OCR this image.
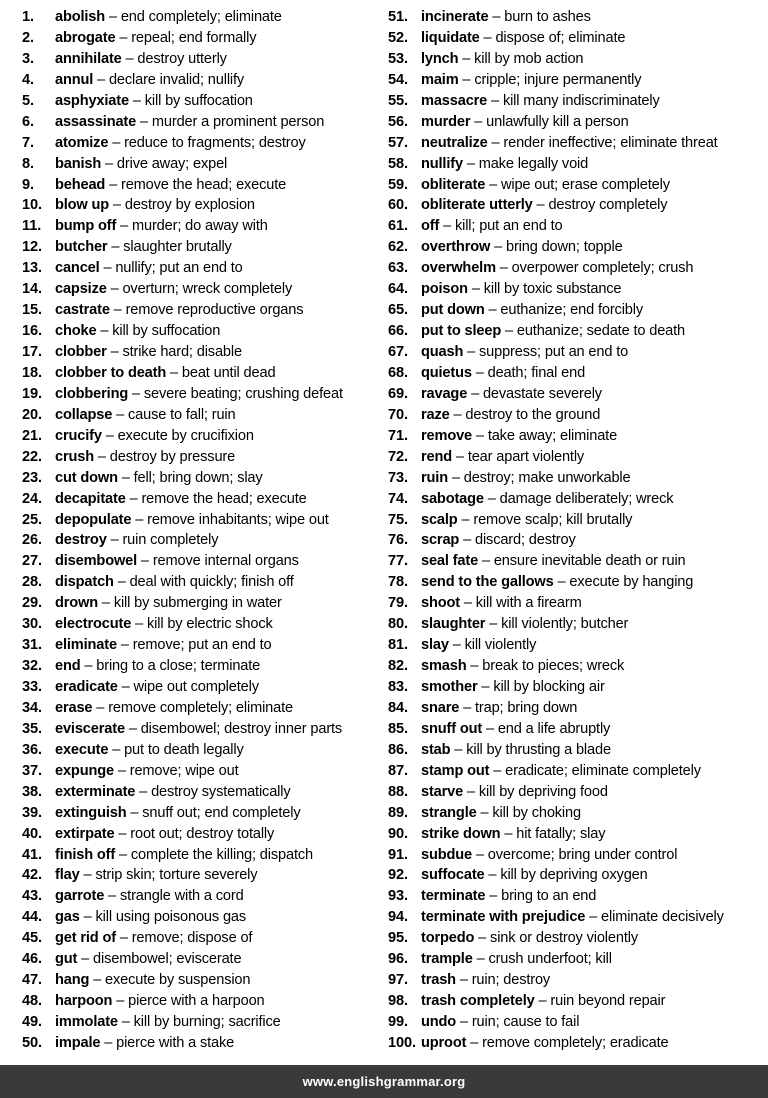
1.	abolish – end completely; eliminate
2.	abrogate – repeal; end formally
3.	annihilate – destroy utterly
4.	annul – declare invalid; nullify
5.	asphyxiate – kill by suffocation
6.	assassinate – murder a prominent person
7.	atomize – reduce to fragments; destroy
8.	banish – drive away; expel
9.	behead – remove the head; execute
10. blow up – destroy by explosion
11. bump off – murder; do away with
12. butcher – slaughter brutally
13. cancel – nullify; put an end to
14. capsize – overturn; wreck completely
15. castrate – remove reproductive organs
16. choke – kill by suffocation
17. clobber – strike hard; disable
18. clobber to death – beat until dead
19. clobbering – severe beating; crushing defeat
20. collapse – cause to fall; ruin
21. crucify – execute by crucifixion
22. crush – destroy by pressure
23. cut down – fell; bring down; slay
24. decapitate – remove the head; execute
25. depopulate – remove inhabitants; wipe out
26. destroy – ruin completely
27. disembowel – remove internal organs
28. dispatch – deal with quickly; finish off
29. drown – kill by submerging in water
30. electrocute – kill by electric shock
31. eliminate – remove; put an end to
32. end – bring to a close; terminate
33. eradicate – wipe out completely
34. erase – remove completely; eliminate
35. eviscerate – disembowel; destroy inner parts
36. execute – put to death legally
37. expunge – remove; wipe out
38. exterminate – destroy systematically
39. extinguish – snuff out; end completely
40. extirpate – root out; destroy totally
41. finish off – complete the killing; dispatch
42. flay – strip skin; torture severely
43. garrote – strangle with a cord
44. gas – kill using poisonous gas
45. get rid of – remove; dispose of
46. gut – disembowel; eviscerate
47. hang – execute by suspension
48. harpoon – pierce with a harpoon
49. immolate – kill by burning; sacrifice
50. impale – pierce with a stake
51. incinerate – burn to ashes
52. liquidate – dispose of; eliminate
53. lynch – kill by mob action
54. maim – cripple; injure permanently
55. massacre – kill many indiscriminately
56. murder – unlawfully kill a person
57. neutralize – render ineffective; eliminate threat
58. nullify – make legally void
59. obliterate – wipe out; erase completely
60. obliterate utterly – destroy completely
61. off – kill; put an end to
62. overthrow – bring down; topple
63. overwhelm – overpower completely; crush
64. poison – kill by toxic substance
65. put down – euthanize; end forcibly
66. put to sleep – euthanize; sedate to death
67. quash – suppress; put an end to
68. quietus – death; final end
69. ravage – devastate severely
70. raze – destroy to the ground
71. remove – take away; eliminate
72. rend – tear apart violently
73. ruin – destroy; make unworkable
74. sabotage – damage deliberately; wreck
75. scalp – remove scalp; kill brutally
76. scrap – discard; destroy
77. seal fate – ensure inevitable death or ruin
78. send to the gallows – execute by hanging
79. shoot – kill with a firearm
80. slaughter – kill violently; butcher
81. slay – kill violently
82. smash – break to pieces; wreck
83. smother – kill by blocking air
84. snare – trap; bring down
85. snuff out – end a life abruptly
86. stab – kill by thrusting a blade
87. stamp out – eradicate; eliminate completely
88. starve – kill by depriving food
89. strangle – kill by choking
90. strike down – hit fatally; slay
91. subdue – overcome; bring under control
92. suffocate – kill by depriving oxygen
93. terminate – bring to an end
94. terminate with prejudice – eliminate decisively
95. torpedo – sink or destroy violently
96. trample – crush underfoot; kill
97. trash – ruin; destroy
98. trash completely – ruin beyond repair
99. undo – ruin; cause to fail
100. uproot – remove completely; eradicate
www.englishgrammar.org
